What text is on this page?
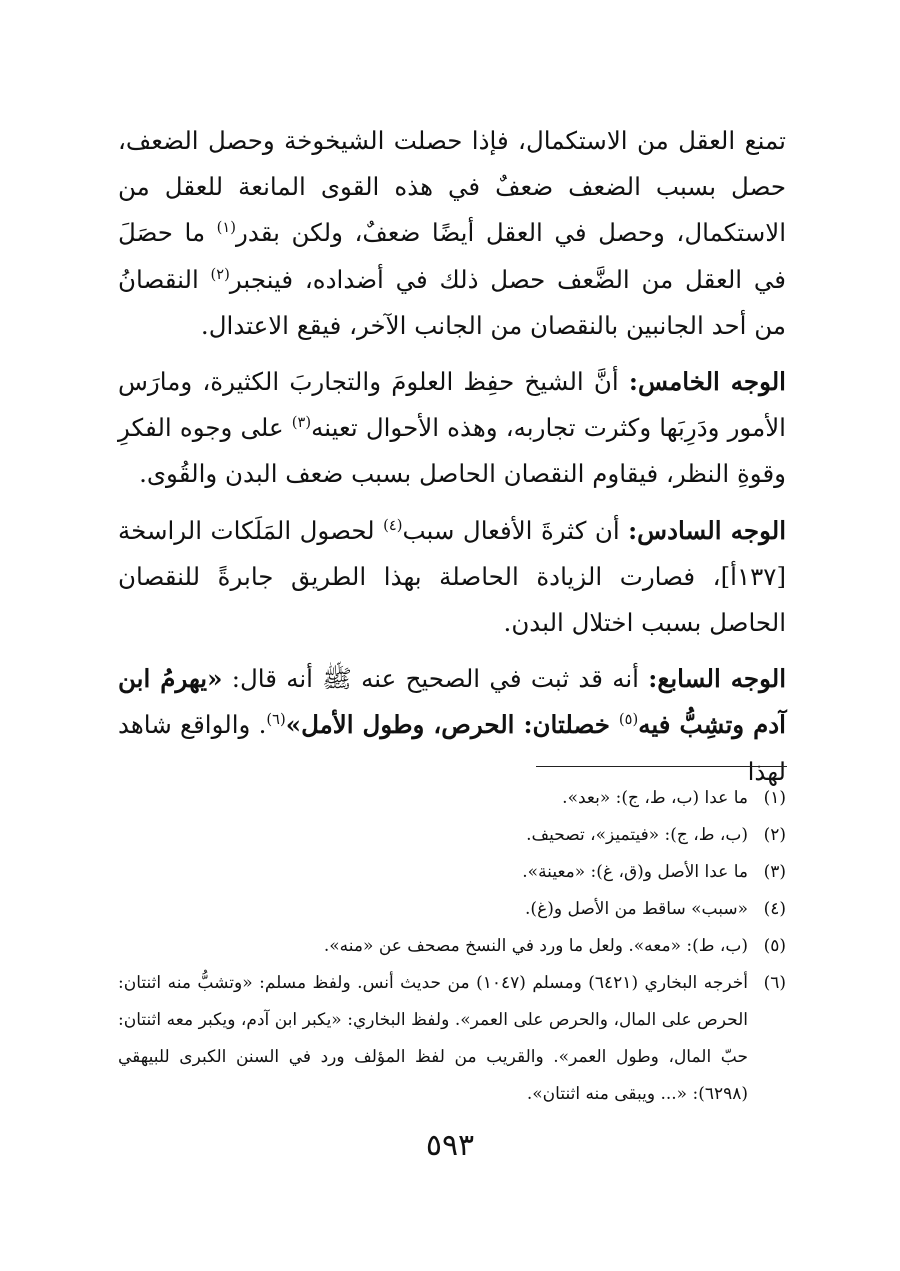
تمنع العقل من الاستكمال، فإذا حصلت الشيخوخة وحصل الضعف، حصل بسبب الضعف ضعفٌ في هذه القوى المانعة للعقل من الاستكمال، وحصل في العقل أيضًا ضعفٌ، ولكن بقدر$^{(١)}$ ما حصَلَ في العقل من الضَّعف حصل ذلك في أضداده، فينجبر$^{(٢)}$ النقصانُ من أحد الجانبين بالنقصان من الجانب الآخر، فيقع الاعتدال.

الوجه الخامس: أنَّ الشيخ حفِظ العلومَ والتجاربَ الكثيرة، ومارَس الأمور ودَرِبَها وكثرت تجاربه، وهذه الأحوال تعينه$^{(٣)}$ على وجوه الفكرِ وقوةِ النظر، فيقاوم النقصان الحاصل بسبب ضعف البدن والقُوى.

الوجه السادس: أن كثرةَ الأفعال سبب$^{(٤)}$ لحصول المَلَكات الراسخة [١٣٧أ]، فصارت الزيادة الحاصلة بهذا الطريق جابرةً للنقصان الحاصل بسبب اختلال البدن.

الوجه السابع: أنه قد ثبت في الصحيح عنه ﷺ أنه قال: «يهرمُ ابن آدم وتشِبُّ فيه$^{(٥)}$ خصلتان: الحرص، وطول الأمل»$^{(٦)}$. والواقع شاهد لهذا

(١)
ما عدا (ب، ط، ج): «بعد».
(٢)
(ب، ط، ج): «فيتميز»، تصحيف.
(٣)
ما عدا الأصل و(ق، غ): «معينة».
(٤)
«سبب» ساقط من الأصل و(غ).
(٥)
(ب، ط): «معه». ولعل ما ورد في النسخ مصحف عن «منه».
(٦)
أخرجه البخاري (٦٤٢١) ومسلم (١٠٤٧) من حديث أنس. ولفظ مسلم: «وتشبُّ منه اثنتان: الحرص على المال، والحرص على العمر». ولفظ البخاري: «يكبر ابن آدم، ويكبر معه اثنتان: حبّ المال، وطول العمر». والقريب من لفظ المؤلف ورد في السنن الكبرى للبيهقي (٦٢٩٨): «... ويبقى منه اثنتان».
٥٩٣
